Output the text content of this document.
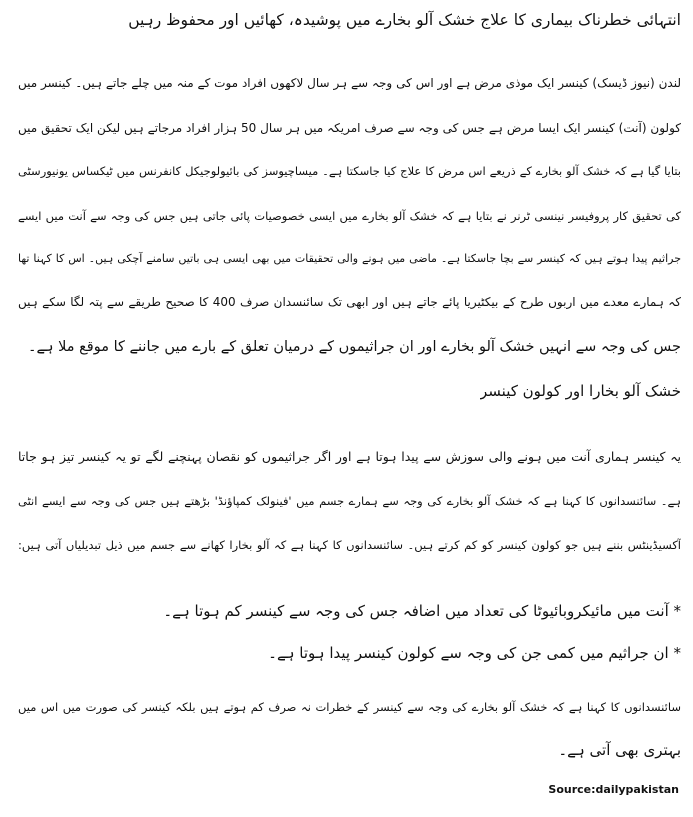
انتہائی خطرناک بیماری کا علاج خشک آلو بخارے میں پوشیدہ، کھائیں اور محفوظ رہیں
لندن (نیوز ڈیسک) کینسر ایک موذی مرض ہے اور اس کی وجہ سے ہر سال لاکھوں افراد موت کے منہ میں چلے جاتے ہیں۔ کینسر میں
کولون (آنت) کینسر ایک ایسا مرض ہے جس کی وجہ سے صرف امریکہ میں ہر سال 50 ہزار افراد مرجاتے ہیں لیکن ایک تحقیق میں
بتایا گیا ہے کہ خشک آلو بخارے کے ذریعے اس مرض کا علاج کیا جاسکتا ہے۔ میساچیوسز کی بائیولوجیکل کانفرنس میں ٹیکساس یونیورسٹی
کی تحقیق کار پروفیسر نینسی ٹرنر نے بتایا ہے کہ خشک آلو بخارے میں ایسی خصوصیات پائی جاتی ہیں جس کی وجہ سے آنت میں ایسے
جراثیم پیدا ہوتے ہیں کہ کینسر سے بچا جاسکتا ہے۔ ماضی میں ہونے والی تحقیقات میں بھی ایسی ہی باتیں سامنے آچکی ہیں۔ اس کا کہنا تھا
کہ ہمارے معدے میں اربوں طرح کے بیکٹیریا پائے جاتے ہیں اور ابھی تک سائنسدان صرف 400 کا صحیح طریقے سے پتہ لگا سکے ہیں
جس کی وجہ سے انہیں خشک آلو بخارے اور ان جراثیموں کے درمیان تعلق کے بارے میں جاننے کا موقع ملا ہے۔
خشک آلو بخارا اور کولون کینسر
یہ کینسر ہماری آنت میں ہونے والی سوزش سے پیدا ہوتا ہے اور اگر جراثیموں کو نقصان پہنچنے لگے تو یہ کینسر تیز ہو جاتا
ہے۔ سائنسدانوں کا کہنا ہے کہ خشک آلو بخارے کی وجہ سے ہمارے جسم میں 'فینولک کمپاؤنڈ' بڑھتے ہیں جس کی وجہ سے ایسے انٹی
آکسیڈینٹس بننے ہیں جو کولون کینسر کو کم کرتے ہیں۔ سائنسدانوں کا کہنا ہے کہ آلو بخارا کھانے سے جسم میں ذیل تبدیلیاں آتی ہیں:
* آنت میں مائیکروبائیوٹا کی تعداد میں اضافہ جس کی وجہ سے کینسر کم ہوتا ہے۔
* ان جراثیم میں کمی جن کی وجہ سے کولون کینسر پیدا ہوتا ہے۔
سائنسدانوں کا کہنا ہے کہ خشک آلو بخارے کی وجہ سے کینسر کے خطرات نہ صرف کم ہوتے ہیں بلکہ کینسر کی صورت میں اس میں
بہتری بھی آتی ہے۔
Source:dailypakistan
